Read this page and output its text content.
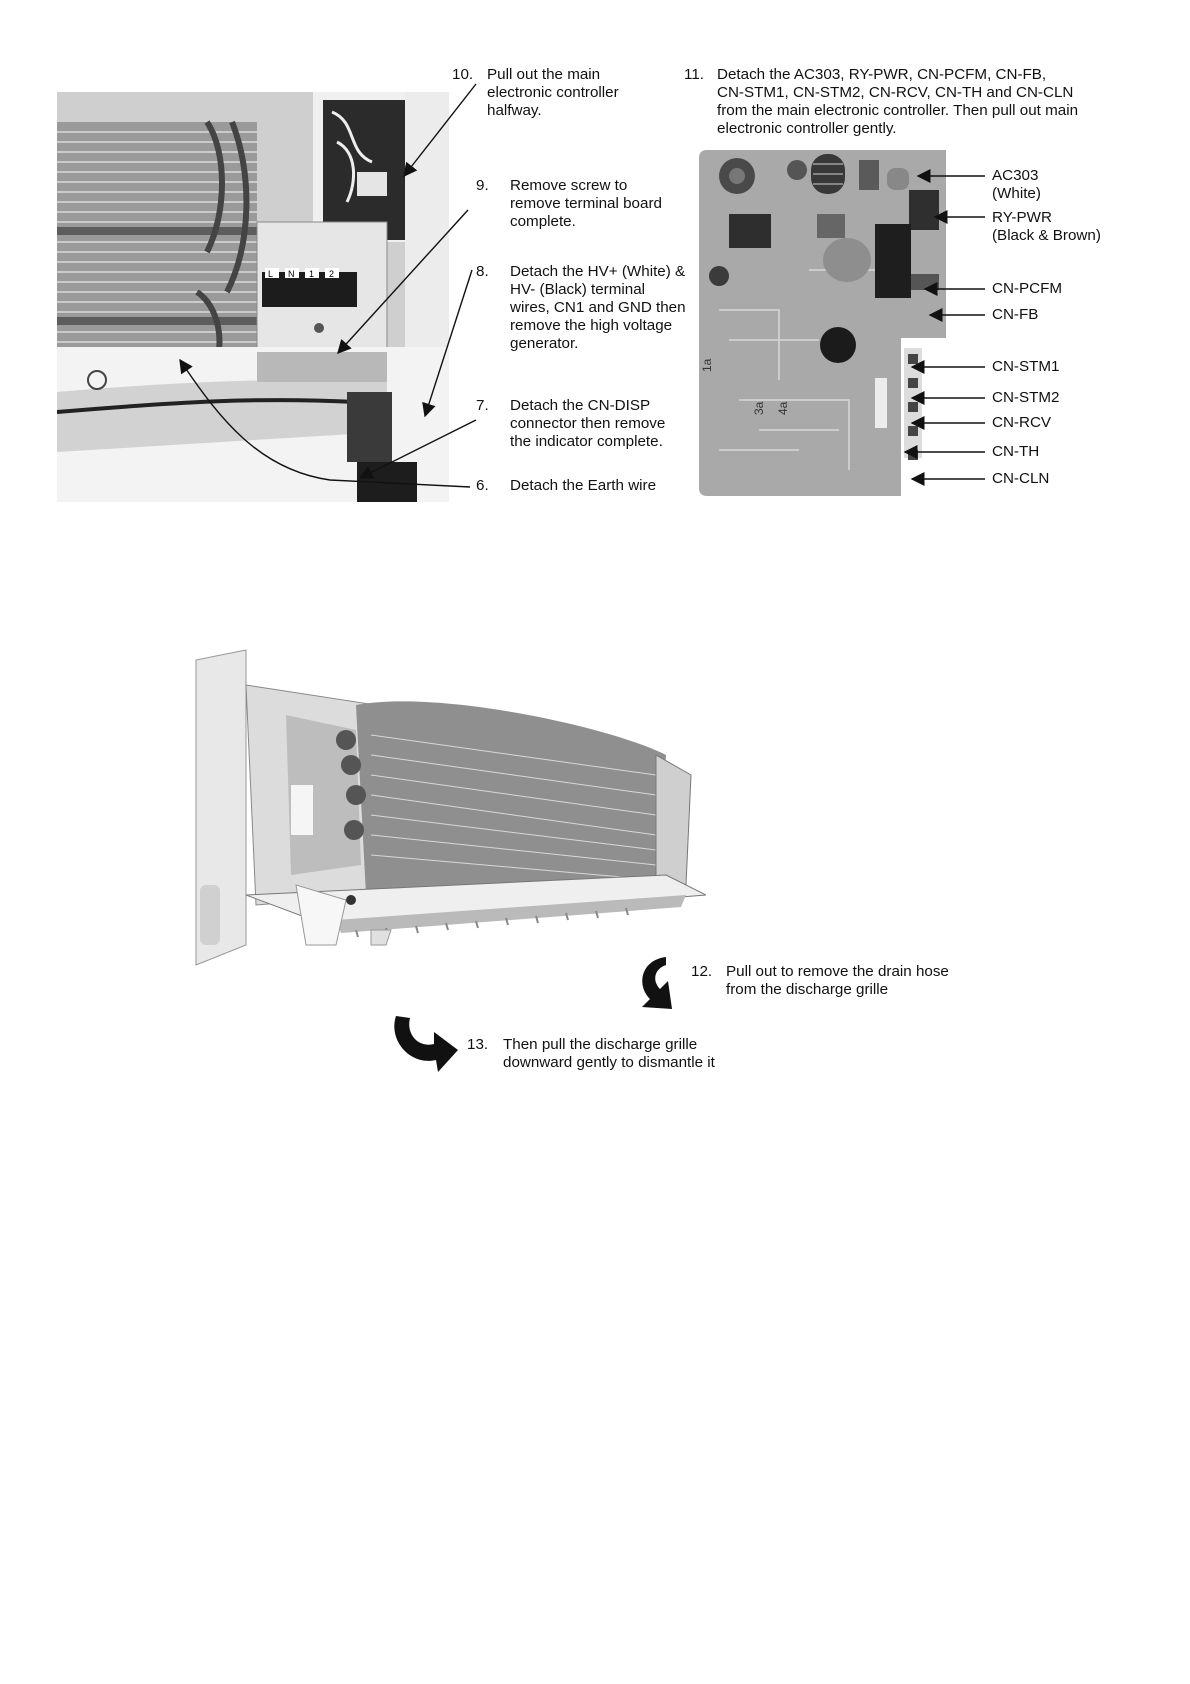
L N 1 2
1a
3a 4a
10. Pull out the main
electronic controller
halfway.
11. Detach the AC303, RY-PWR, CN-PCFM, CN-FB,
CN-STM1, CN-STM2, CN-RCV, CN-TH and CN-CLN
from the main electronic controller. Then pull out main
electronic controller gently.
9. Remove screw to
remove terminal board
complete.
8. Detach the HV+ (White) &
HV- (Black) terminal
wires, CN1 and GND then
remove the high voltage
generator.
7. Detach the CN-DISP
connector then remove
the indicator complete.
6. Detach the Earth wire
12. Pull out to remove the drain hose
from the discharge grille
13. Then pull the discharge grille
downward gently to dismantle it
AC303
(White)
RY-PWR
(Black & Brown)
CN-PCFM
CN-FB
CN-STM1
CN-STM2
CN-RCV
CN-TH
CN-CLN
